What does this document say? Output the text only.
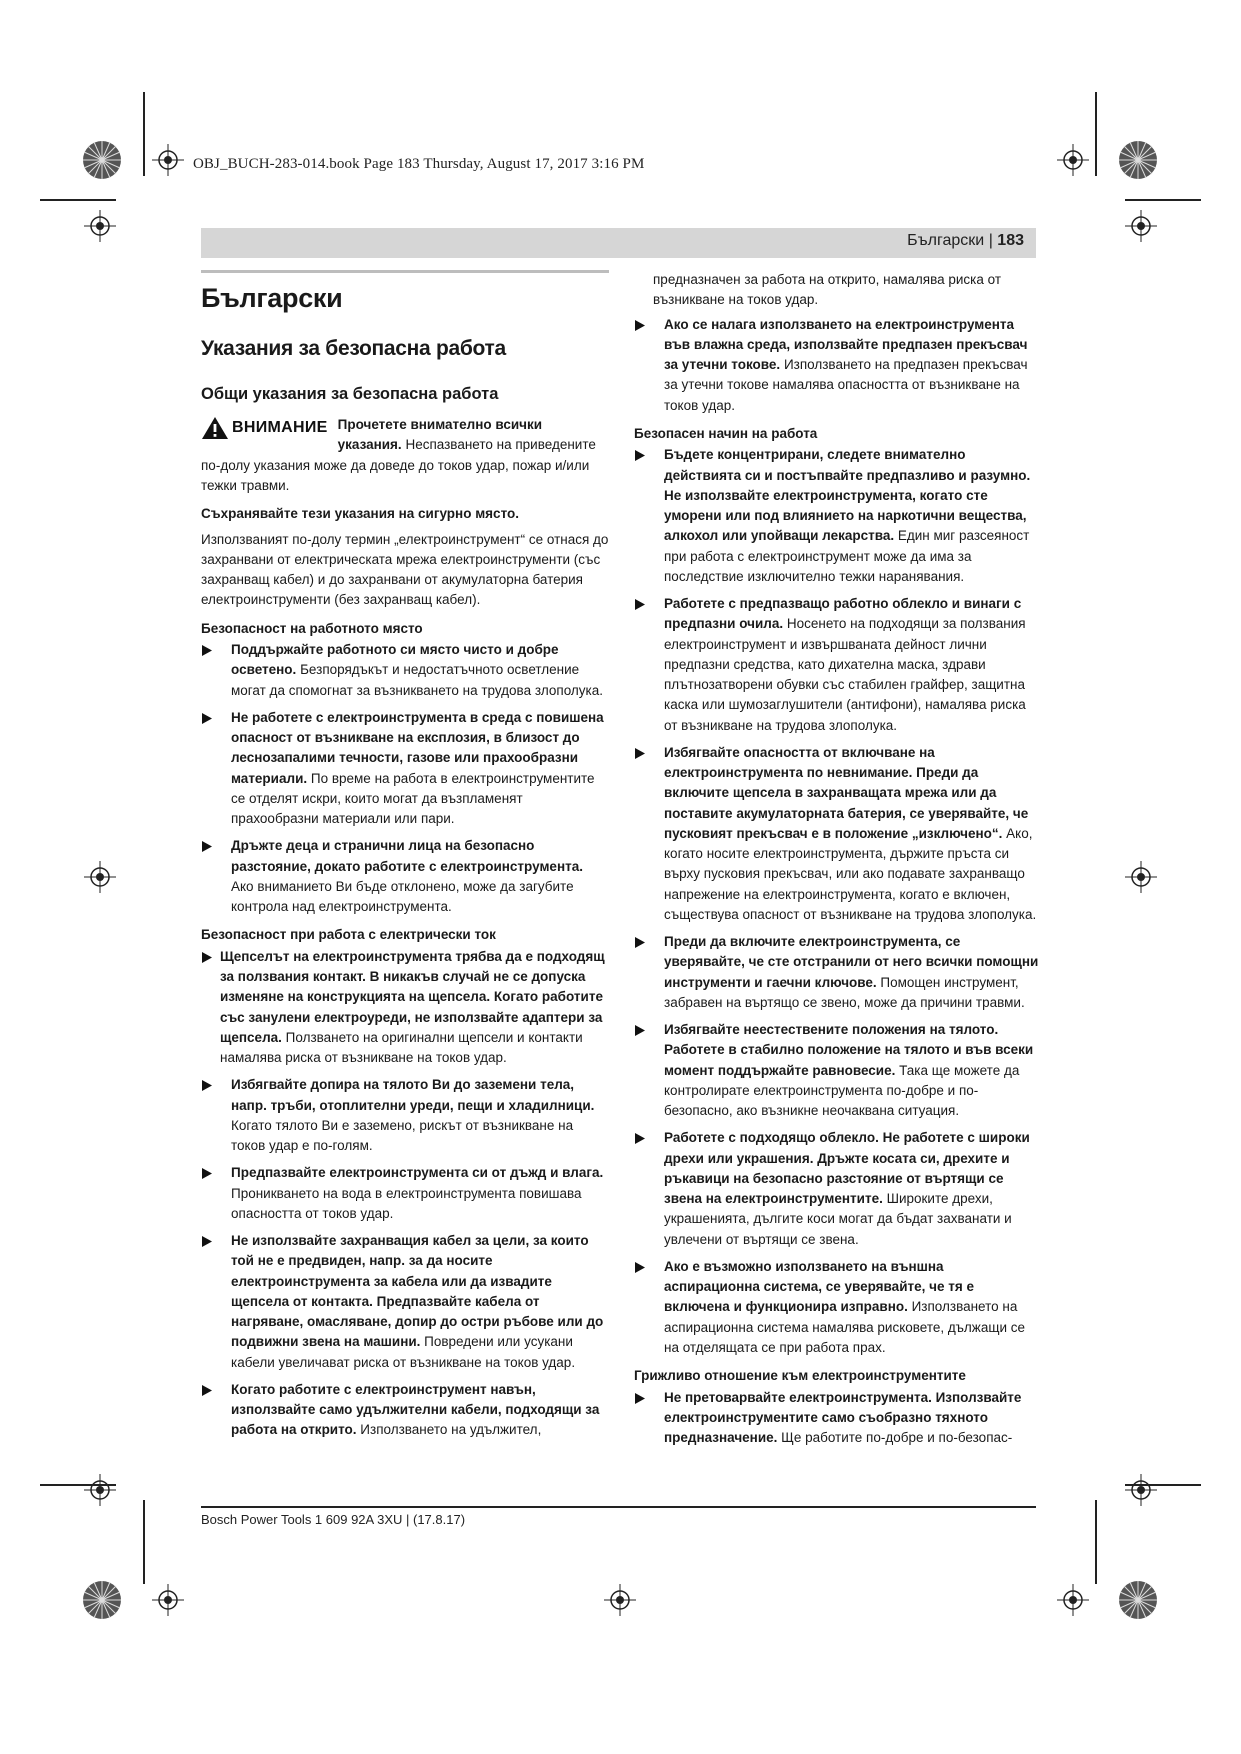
OBJ_BUCH-283-014.book Page 183 Thursday, August 17, 2017 3:16 PM
Български | 183
Български
Указания за безопасна работа
Общи указания за безопасна работа
ВНИМАНИЕ Прочетете внимателно всички указания. Неспазването на приведените по-долу указания може да доведе до токов удар, пожар и/или тежки травми.

Съхранявайте тези указания на сигурно място.

Използваният по-долу термин „електроинструмент“ се отнася до захранвани от електрическата мрежа електроинструменти (със захранващ кабел) и до захранвани от акумулаторна батерия електроинструменти (без захранващ кабел).

Безопасност на работното място
Поддържайте работното си място чисто и добре осветено. Безпорядъкът и недостатъчното осветление могат да спомогнат за възникването на трудова злополука.
Не работете с електроинструмента в среда с повишена опасност от възникване на експлозия, в близост до леснозапалими течности, газове или прахообразни материали. По време на работа в електроинструментите се отделят искри, които могат да възпламенят прахообразни материали или пари.
Дръжте деца и странични лица на безопасно разстояние, докато работите с електроинструмента. Ако вниманието Ви бъде отклонено, може да загубите контрола над електроинструмента.
Безопасност при работа с електрически ток
Щепселът на електроинструмента трябва да е подходящ за ползвания контакт. В никакъв случай не се допуска изменяне на конструкцията на щепсела. Когато работите със занулени електроуреди, не използвайте адаптери за щепсела. Ползването на оригинални щепсели и контакти намалява риска от възникване на токов удар.
Избягвайте допира на тялото Ви до заземени тела, напр. тръби, отоплителни уреди, пещи и хладилници. Когато тялото Ви е заземено, рискът от възникване на токов удар е по-голям.
Предпазвайте електроинструмента си от дъжд и влага. Проникването на вода в електроинструмента повишава опасността от токов удар.
Не използвайте захранващия кабел за цели, за които той не е предвиден, напр. за да носите електроинструмента за кабела или да извадите щепсела от контакта. Предпазвайте кабела от нагряване, омасляване, допир до остри ръбове или до подвижни звена на машини. Повредени или усукани кабели увеличават риска от възникване на токов удар.
Когато работите с електроинструмент навън, използвайте само удължителни кабели, подходящи за работа на открито. Използването на удължител,

предназначен за работа на открито, намалява риска от възникване на токов удар.

Ако се налага използването на електроинструмента във влажна среда, използвайте предпазен прекъсвач за утечни токове. Използването на предпазен прекъсвач за утечни токове намалява опасността от възникване на токов удар.
Безопасен начин на работа
Бъдете концентрирани, следете внимателно действията си и постъпвайте предпазливо и разумно. Не използвайте електроинструмента, когато сте уморени или под влиянието на наркотични вещества, алкохол или упойващи лекарства. Един миг разсеяност при работа с електроинструмент може да има за последствие изключително тежки наранявания.
Работете с предпазващо работно облекло и винаги с предпазни очила. Носенето на подходящи за ползвания електроинструмент и извършваната дейност лични предпазни средства, като дихателна маска, здрави плътнозатворени обувки със стабилен грайфер, защитна каска или шумозаглушители (антифони), намалява риска от възникване на трудова злополука.
Избягвайте опасността от включване на електроинструмента по невнимание. Преди да включите щепсела в захранващата мрежа или да поставите акумулаторната батерия, се уверявайте, че пусковият прекъсвач е в положение „изключено“. Ако, когато носите електроинструмента, държите пръста си върху пусковия прекъсвач, или ако подавате захранващо напрежение на електроинструмента, когато е включен, съществува опасност от възникване на трудова злополука.
Преди да включите електроинструмента, се уверявайте, че сте отстранили от него всички помощни инструменти и гаечни ключове. Помощен инструмент, забравен на въртящо се звено, може да причини травми.
Избягвайте неестествените положения на тялото. Работете в стабилно положение на тялото и във всеки момент поддържайте равновесие. Така ще можете да контролирате електроинструмента по-добре и по-безопасно, ако възникне неочаквана ситуация.
Работете с подходящо облекло. Не работете с широки дрехи или украшения. Дръжте косата си, дрехите и ръкавици на безопасно разстояние от въртящи се звена на електроинструментите. Широките дрехи, украшенията, дългите коси могат да бъдат захванати и увлечени от въртящи се звена.
Ако е възможно използването на външна аспирационна система, се уверявайте, че тя е включена и функционира изправно. Използването на аспирационна система намалява рисковете, дължащи се на отделящата се при работа прах.
Грижливо отношение към електроинструментите
Не претоварвайте електроинструмента. Използвайте електроинструментите само съобразно тяхното предназначение. Ще работите по-добре и по-безопас-
Bosch Power Tools 1 609 92A 3XU | (17.8.17)
